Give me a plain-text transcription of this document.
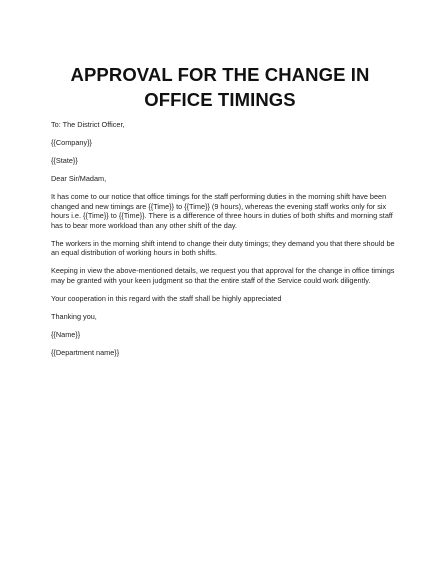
APPROVAL FOR THE CHANGE IN OFFICE TIMINGS

To: The District Officer,

{{Company}}

{{State}}

Dear Sir/Madam,

It has come to our notice that office timings for the staff performing duties in the morning shift have been changed and new timings are {{Time}} to {{Time}} (9 hours), whereas the evening staff works only for six hours i.e. {{Time}} to {{Time}}. There is a difference of three hours in duties of both shifts and morning staff has to bear more workload than any other shift of the day.

The workers in the morning shift intend to change their duty timings; they demand you that there should be an equal distribution of working hours in both shifts.

Keeping in view the above-mentioned details, we request you that approval for the change in office timings may be granted with your keen judgment so that the entire staff of the Service could work diligently.

Your cooperation in this regard with the staff shall be highly appreciated

Thanking you,

{{Name}}

{{Department name}}
